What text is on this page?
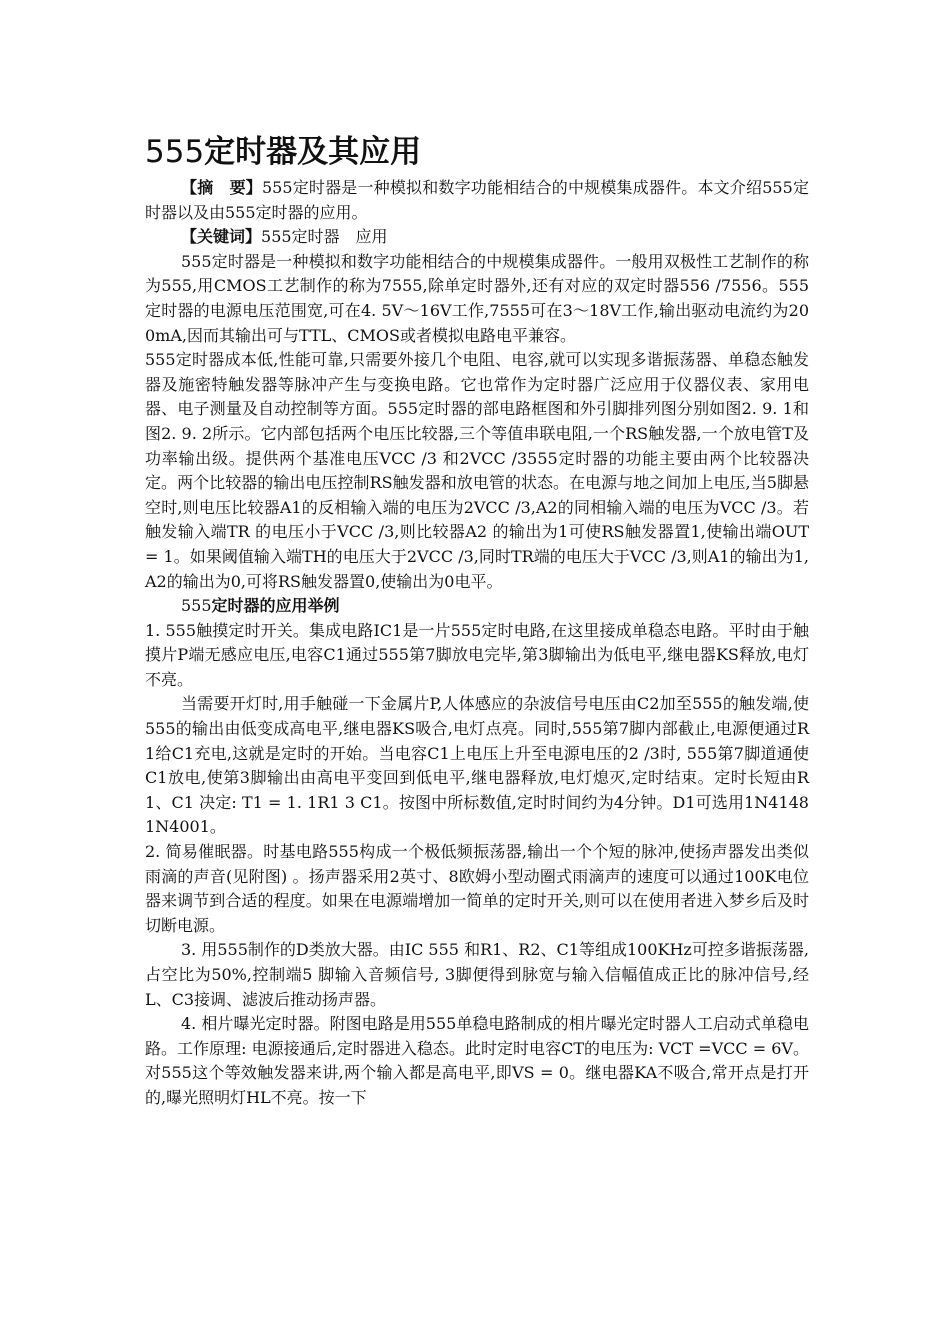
555定时器及其应用

【摘　要】555定时器是一种模拟和数字功能相结合的中规模集成器件。本文介绍555定时器以及由555定时器的应用。

【关键词】555定时器　应用

555定时器是一种模拟和数字功能相结合的中规模集成器件。一般用双极性工艺制作的称为555,用CMOS工艺制作的称为7555,除单定时器外,还有对应的双定时器556 /7556。555定时器的电源电压范围宽,可在4. 5V～16V工作,7555可在3～18V工作,输出驱动电流约为200mA,因而其输出可与TTL、CMOS或者模拟电路电平兼容。

555定时器成本低,性能可靠,只需要外接几个电阻、电容,就可以实现多谐振荡器、单稳态触发器及施密特触发器等脉冲产生与变换电路。它也常作为定时器广泛应用于仪器仪表、家用电器、电子测量及自动控制等方面。555定时器的部电路框图和外引脚排列图分别如图2. 9. 1和图2. 9. 2所示。它内部包括两个电压比较器,三个等值串联电阻,一个RS触发器,一个放电管T及功率输出级。提供两个基准电压VCC /3 和2VCC /3555定时器的功能主要由两个比较器决定。两个比较器的输出电压控制RS触发器和放电管的状态。在电源与地之间加上电压,当5脚悬空时,则电压比较器A1的反相输入端的电压为2VCC /3,A2的同相输入端的电压为VCC /3。若触发输入端TR 的电压小于VCC /3,则比较器A2 的输出为1可使RS触发器置1,使输出端OUT = 1。如果阈值输入端TH的电压大于2VCC /3,同时TR端的电压大于VCC /3,则A1的输出为1,A2的输出为0,可将RS触发器置0,使输出为0电平。

555定时器的应用举例

1. 555触摸定时开关。集成电路IC1是一片555定时电路,在这里接成单稳态电路。平时由于触摸片P端无感应电压,电容C1通过555第7脚放电完毕,第3脚输出为低电平,继电器KS释放,电灯不亮。

当需要开灯时,用手触碰一下金属片P,人体感应的杂波信号电压由C2加至555的触发端,使555的输出由低变成高电平,继电器KS吸合,电灯点亮。同时,555第7脚内部截止,电源便通过R1给C1充电,这就是定时的开始。当电容C1上电压上升至电源电压的2 /3时, 555第7脚道通使C1放电,使第3脚输出由高电平变回到低电平,继电器释放,电灯熄灭,定时结束。定时长短由R1、C1 决定: T1 = 1. 1R1 3 C1。按图中所标数值,定时时间约为4分钟。D1可选用1N41481N4001。

2. 简易催眠器。时基电路555构成一个极低频振荡器,输出一个个短的脉冲,使扬声器发出类似雨滴的声音(见附图) 。扬声器采用2英寸、8欧姆小型动圈式雨滴声的速度可以通过100K电位器来调节到合适的程度。如果在电源端增加一简单的定时开关,则可以在使用者进入梦乡后及时切断电源。

3. 用555制作的D类放大器。由IC 555 和R1、R2、C1等组成100KHz可控多谐振荡器,占空比为50%,控制端5 脚输入音频信号, 3脚便得到脉宽与输入信幅值成正比的脉冲信号,经L、C3接调、滤波后推动扬声器。

4. 相片曝光定时器。附图电路是用555单稳电路制成的相片曝光定时器人工启动式单稳电路。工作原理: 电源接通后,定时器进入稳态。此时定时电容CT的电压为: VCT =VCC = 6V。对555这个等效触发器来讲,两个输入都是高电平,即VS = 0。继电器KA不吸合,常开点是打开的,曝光照明灯HL不亮。按一下
